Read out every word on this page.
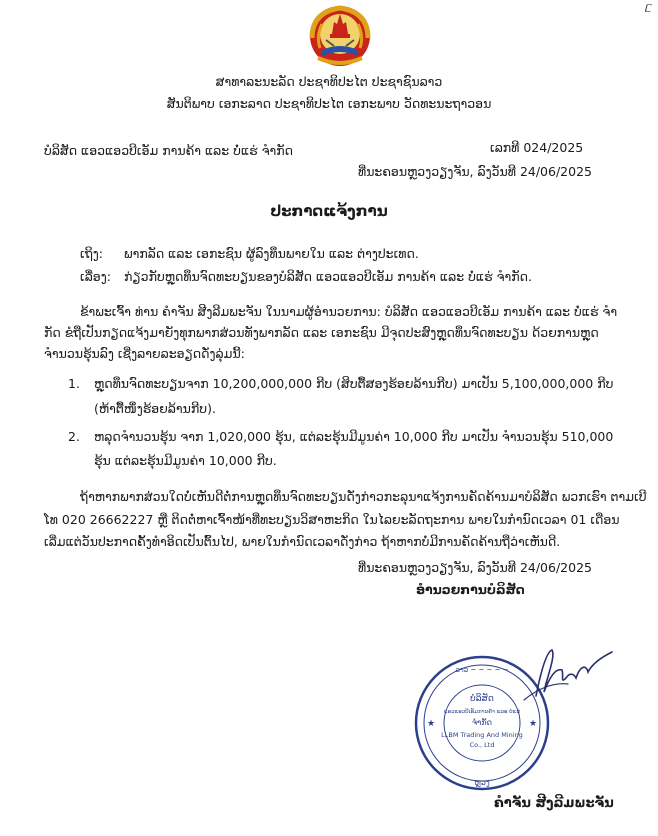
ᥴ
ສາທາລະນະລັດ ປະຊາທິປະໄຕ ປະຊາຊົນລາວ
ສັນຕິພາບ ເອກະລາດ ປະຊາທິປະໄຕ ເອກະພາບ ວັດທະນະຖາວອນ
ບໍລິສັດ ແອວແອວບີເອັມ ການຄ້າ ແລະ ບໍ່ແຮ່ ຈຳກັດ	ເລກທີ 024/2025
ທີ່ນະຄອນຫຼວງວຽງຈັນ, ລົງວັນທີ 24/06/2025
ປະກາດແຈ້ງການ
ເຖິງ: ພາກລັດ ແລະ ເອກະຊົນ ຜູ້ລົງທຶນພາຍໃນ ແລະ ຕ່າງປະເທດ.
ເລື່ອງ: ກ່ຽວກັບຫຼຸດທຶນຈົດທະບຽນຂອງບໍລິສັດ ແອວແອວບີເອັມ ການຄ້າ ແລະ ບໍ່ແຮ່ ຈຳກັດ.
ຂ້າພະເຈົ້າ ທ່ານ ຄໍາຈັນ ສີງລີມພະຈັນ ໃນນາມຜູ້ອໍານວຍການ: ບໍລິສັດ ແອວແອວບີເອັມ ການຄ້າ ແລະ ບໍ່ແຮ່ ຈໍາ
ກັດ ຂໍຖືເປັນກຽດແຈ້ງມາຍັງທຸກພາກສ່ວນທັງພາກລັດ ແລະ ເອກະຊົນ ມີຈຸດປະສົງຫຼຸດທຶນຈົດທະບຽນ ດ້ວຍການຫຼຸດ
ຈໍານວນຮຸ້ນລົງ ເຊີ່ງລາຍລະອຽດດັ່ງລຸ່ມນີ້:
1. ຫຼຸດທຶນຈົດທະບຽນຈາກ 10,200,000,000 ກີບ (ສິບຕື້ສອງຮ້ອຍລ້ານກີບ) ມາເປັນ 5,100,000,000 ກີບ
(ຫ້າຕື້ໜຶ່ງຮ້ອຍລ້ານກີບ).
2. ຫລຸດຈໍານວນຮຸ້ນ ຈາກ 1,020,000 ຮຸ້ນ, ແຕ່ລະຮຸ້ນມີມູນຄ່າ 10,000 ກີບ ມາເປັນ ຈໍານວນຮຸ້ນ 510,000
ຮຸ້ນ ແຕ່ລະຮຸ້ນມີມູນຄ່າ 10,000 ກີບ.
ຖ້າຫາກພາກສ່ວນໃດບໍ່ເຫັນດີຕໍ່ການຫຼຸດທຶນຈົດທະບຽນດັ່ງກ່າວກະລຸນາແຈ້ງການຄັດຄ້ານມາບໍລິສັດ ພວກເຮົາ ຕາມເບີ
ໂທ 020 26662227 ຫຼື ຕິດຕໍ່ຫາເຈົ້າໜ້າທີ່ທະບຽນວິສາຫະກິດ ໃນໄລຍະລັດຖະການ ພາຍໃນກໍານົດເວລາ 01 ເດືອນ
ເລີ່ມແຕ່ວັນປະກາດຄັ້ງທໍາອິດເປັນຕົ້ນໄປ, ພາຍໃນກໍານົດເວລາດັ່ງກ່າວ ຖ້າຫາກບໍ່ມີການຄັດຄ້ານຖືວ່າເຫັນດີ.
ທີ່ນະຄອນຫຼວງວຽງຈັນ, ລົງວັນທີ 24/06/2025
ອໍານວຍການບໍລິສັດ
ລາວ ~ ~ ~ ~ ~
ຫຼວງ
★	★
ບໍລິສັດ
ແອວແອວບີເອັມການຄ້າ ແລະ ບໍ່ແຮ່
ຈຳກັດ
LLBM Trading And Mining
Co., Ltd
ຄໍາຈັນ ສີງລີມພະຈັນ
